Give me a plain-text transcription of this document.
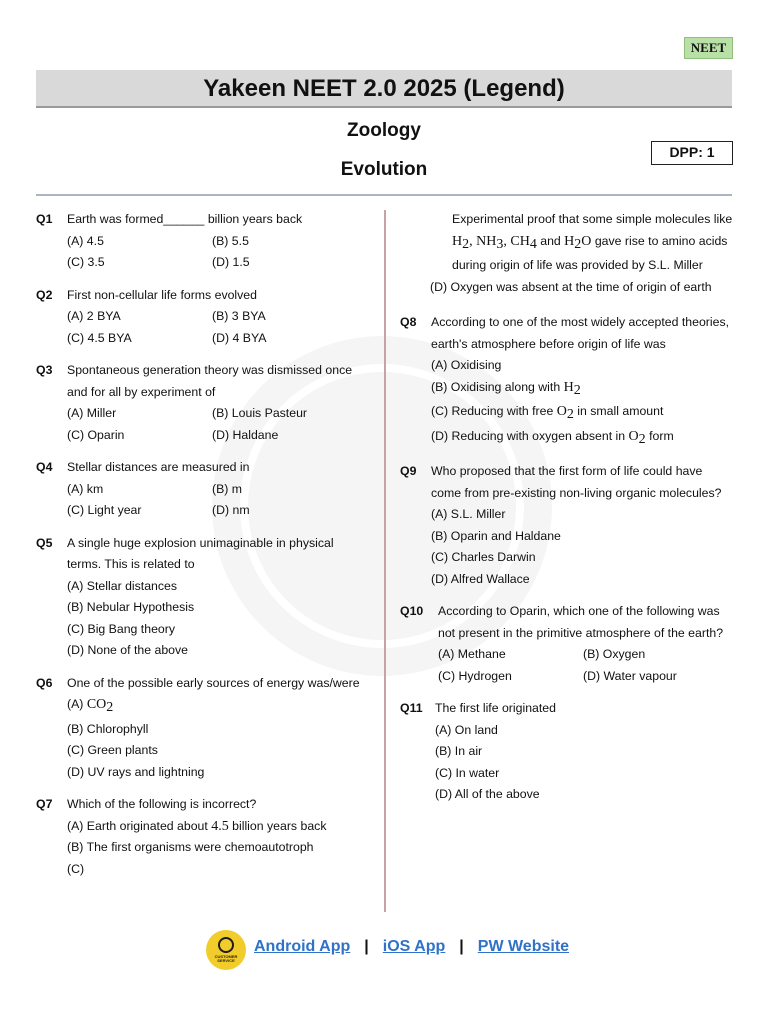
NEET
Yakeen NEET 2.0 2025 (Legend)
Zoology
Evolution
DPP: 1
Q1 Earth was formed______ billion years back
(A) 4.5	(B) 5.5
(C) 3.5	(D) 1.5
Q2 First non-cellular life forms evolved
(A) 2 BYA	(B) 3 BYA
(C) 4.5 BYA	(D) 4 BYA
Q3 Spontaneous generation theory was dismissed once and for all by experiment of
(A) Miller	(B) Louis Pasteur
(C) Oparin	(D) Haldane
Q4 Stellar distances are measured in
(A) km	(B) m
(C) Light year	(D) nm
Q5 A single huge explosion unimaginable in physical terms. This is related to
(A) Stellar distances
(B) Nebular Hypothesis
(C) Big Bang theory
(D) None of the above
Q6 One of the possible early sources of energy was/were
(A) $CO_2$
(B) Chlorophyll
(C) Green plants
(D) UV rays and lightning
Q7 Which of the following is incorrect?
(A) Earth originated about 4.5 billion years back
(B) The first organisms were chemoautotroph
(C)
Experimental proof that some simple molecules like $H_2$, $NH_3$, $CH_4$ and $H_2O$ gave rise to amino acids during origin of life was provided by S.L. Miller
(D) Oxygen was absent at the time of origin of earth
Q8 According to one of the most widely accepted theories, earth's atmosphere before origin of life was
(A) Oxidising
(B) Oxidising along with $H_2$
(C) Reducing with free $O_2$ in small amount
(D) Reducing with oxygen absent in $O_2$ form
Q9 Who proposed that the first form of life could have come from pre-existing non-living organic molecules?
(A) S.L. Miller
(B) Oparin and Haldane
(C) Charles Darwin
(D) Alfred Wallace
Q10 According to Oparin, which one of the following was not present in the primitive atmosphere of the earth?
(A) Methane	(B) Oxygen
(C) Hydrogen	(D) Water vapour
Q11 The first life originated
(A) On land
(B) In air
(C) In water
(D) All of the above
CUSTOMER SERVICE
Android App | iOS App | PW Website
